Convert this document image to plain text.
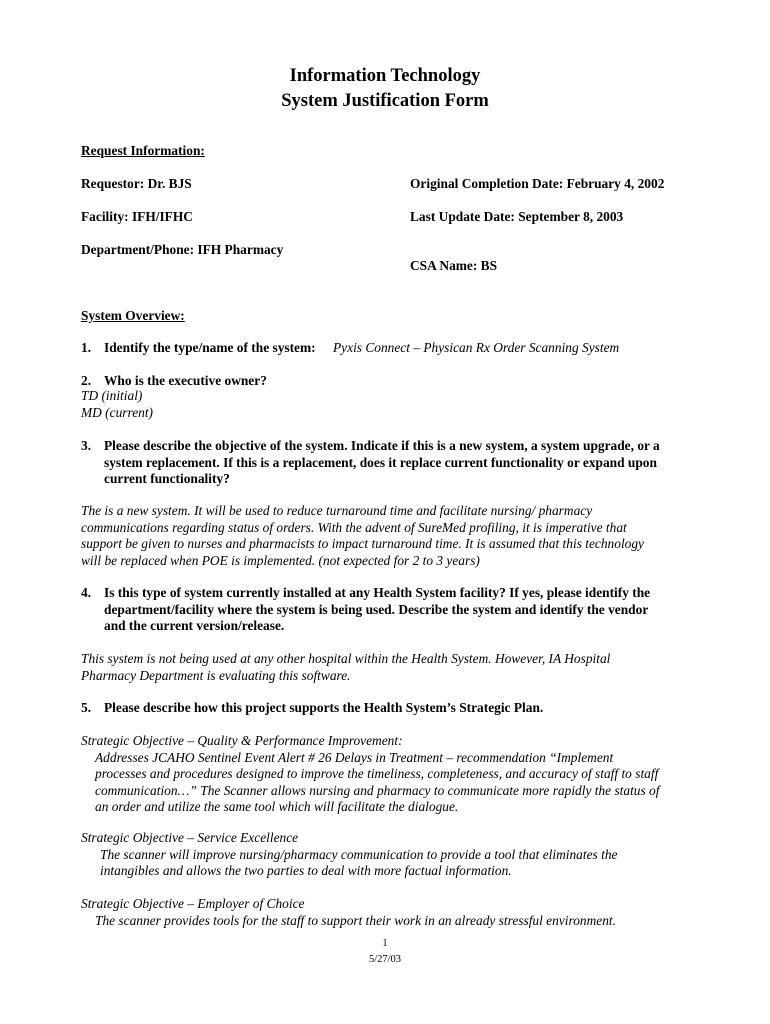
Information Technology
System Justification Form
Request Information:
Requestor: Dr. BJS	Original Completion Date: February 4, 2002
Facility: IFH/IFHC	Last Update Date: September 8, 2003
Department/Phone: IFH Pharmacy
CSA Name: BS
System Overview:
1. Identify the type/name of the system: Pyxis Connect – Physican Rx Order Scanning System
2. Who is the executive owner?
TD (initial)
MD (current)
3. Please describe the objective of the system. Indicate if this is a new system, a system upgrade, or a
system replacement. If this is a replacement, does it replace current functionality or expand upon
current functionality?
The is a new system. It will be used to reduce turnaround time and facilitate nursing/ pharmacy
communications regarding status of orders. With the advent of SureMed profiling, it is imperative that
support be given to nurses and pharmacists to impact turnaround time. It is assumed that this technology
will be replaced when POE is implemented. (not expected for 2 to 3 years)
4. Is this type of system currently installed at any Health System facility? If yes, please identify the
department/facility where the system is being used. Describe the system and identify the vendor
and the current version/release.
This system is not being used at any other hospital within the Health System. However, IA Hospital
Pharmacy Department is evaluating this software.
5. Please describe how this project supports the Health System’s Strategic Plan.
Strategic Objective – Quality & Performance Improvement:
Addresses JCAHO Sentinel Event Alert # 26 Delays in Treatment – recommendation “Implement
processes and procedures designed to improve the timeliness, completeness, and accuracy of staff to staff
communication…” The Scanner allows nursing and pharmacy to communicate more rapidly the status of
an order and utilize the same tool which will facilitate the dialogue.
Strategic Objective – Service Excellence
The scanner will improve nursing/pharmacy communication to provide a tool that eliminates the
intangibles and allows the two parties to deal with more factual information.
Strategic Objective – Employer of Choice
The scanner provides tools for the staff to support their work in an already stressful environment.
1
5/27/03
